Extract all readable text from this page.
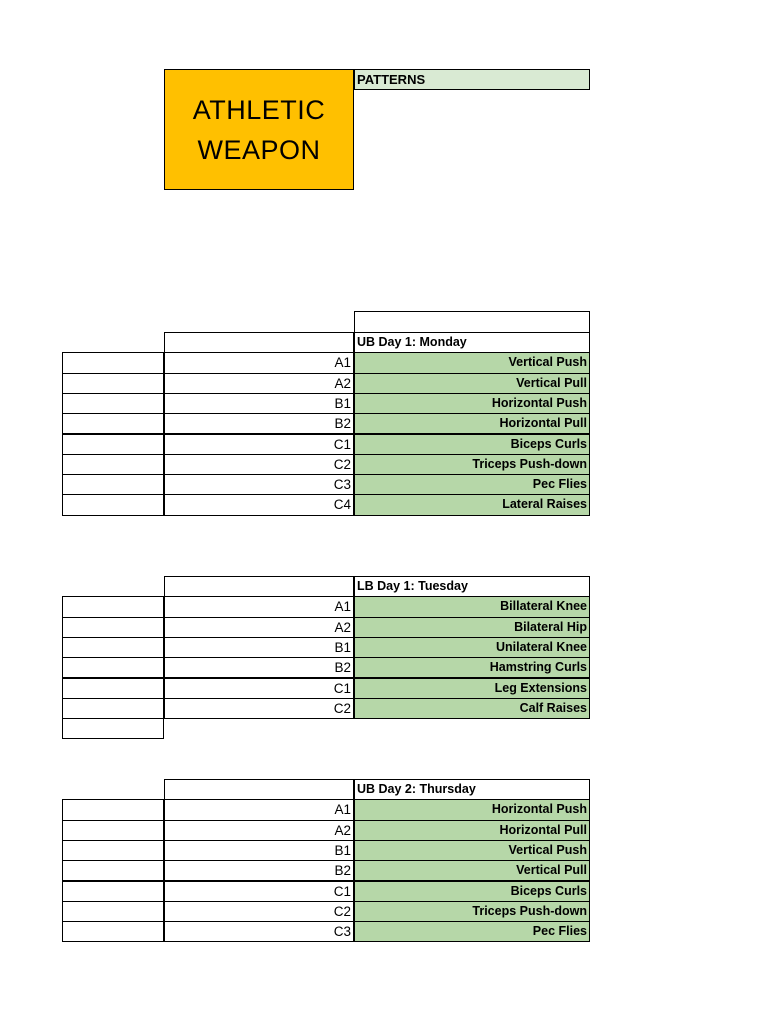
ATHLETIC
WEAPON
PATTERNS
UB Day 1: Monday
A1	Vertical Push
A2	Vertical Pull
B1	Horizontal Push
B2	Horizontal Pull
C1	Biceps Curls
C2	Triceps Push-down
C3	Pec Flies
C4	Lateral Raises
LB Day 1: Tuesday
A1	Billateral Knee
A2	Bilateral Hip
B1	Unilateral Knee
B2	Hamstring Curls
C1	Leg Extensions
C2	Calf Raises
UB Day 2: Thursday
A1	Horizontal Push
A2	Horizontal Pull
B1	Vertical Push
B2	Vertical Pull
C1	Biceps Curls
C2	Triceps Push-down
C3	Pec Flies
